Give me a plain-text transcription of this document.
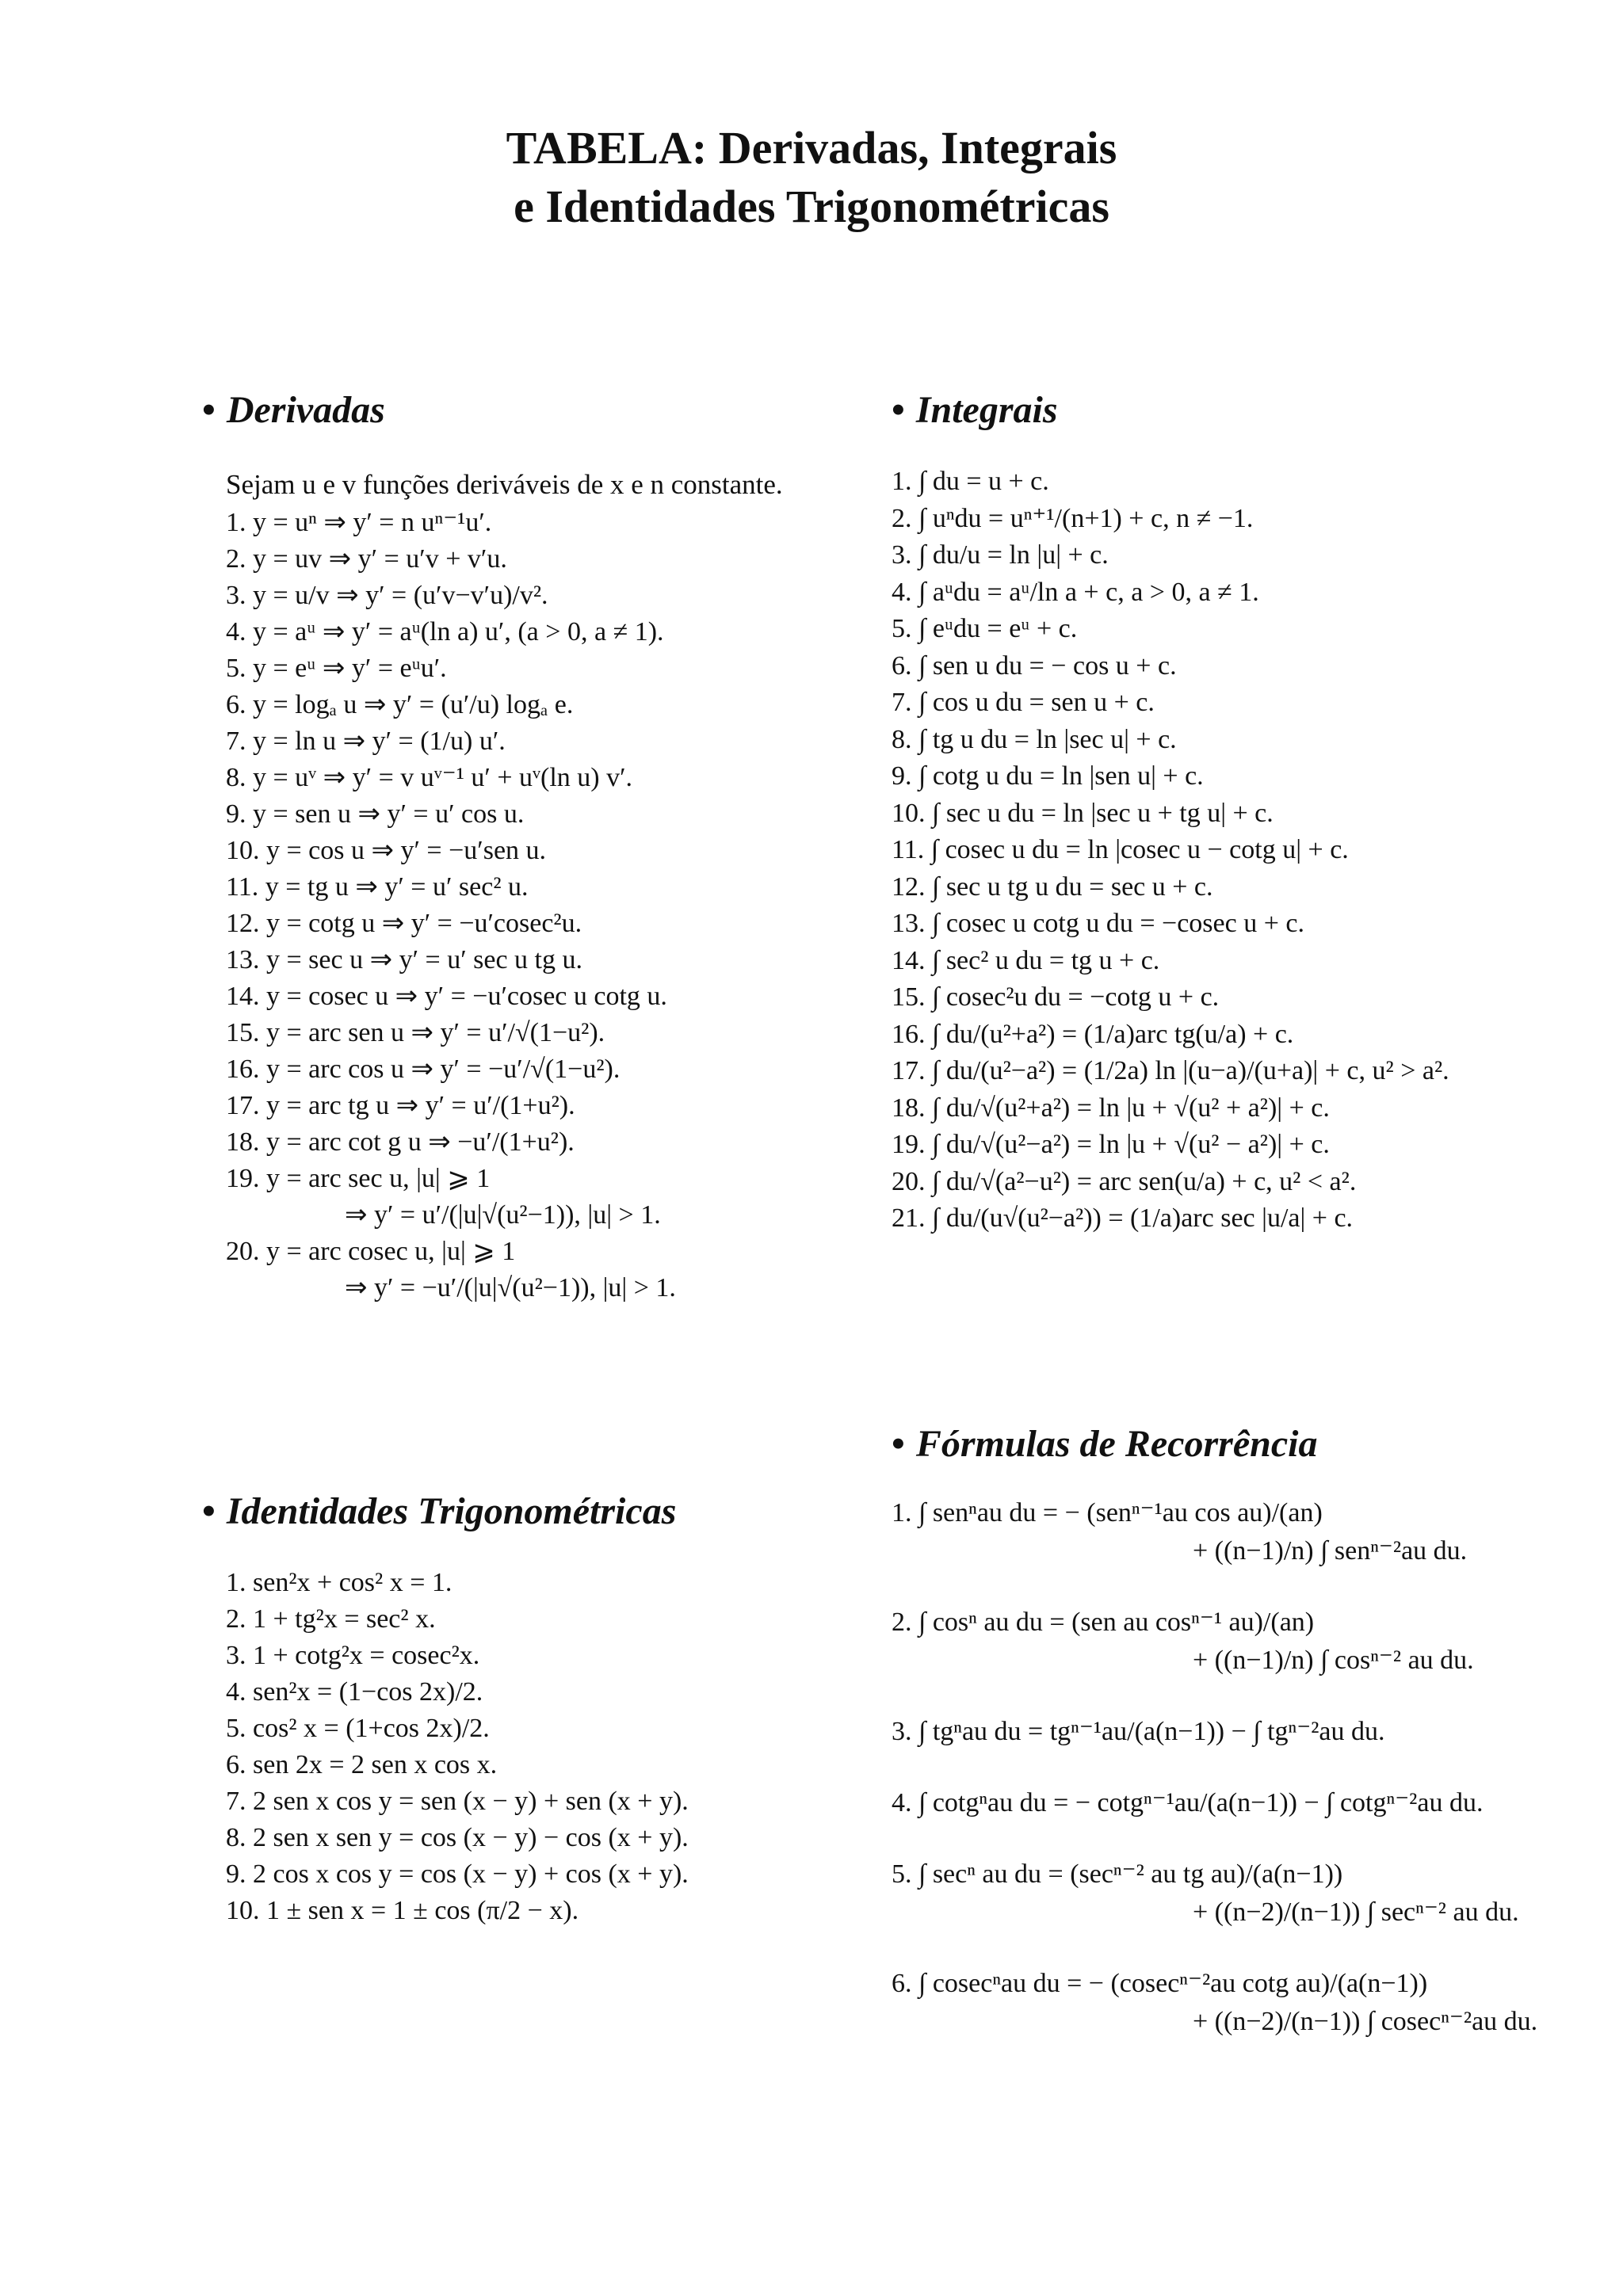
TABELA: Derivadas, Integrais
e Identidades Trigonométricas
• Derivadas
Sejam u e v funções deriváveis de x e n constante.
1. y = uⁿ ⇒ y′ = n uⁿ⁻¹u′.
2. y = uv ⇒ y′ = u′v + v′u.
3. y = u/v ⇒ y′ = (u′v−v′u)/v².
4. y = aᵘ ⇒ y′ = aᵘ(ln a) u′, (a > 0, a ≠ 1).
5. y = eᵘ ⇒ y′ = eᵘu′.
6. y = logₐ u ⇒ y′ = (u′/u) logₐ e.
7. y = ln u ⇒ y′ = (1/u) u′.
8. y = uᵛ ⇒ y′ = v uᵛ⁻¹ u′ + uᵛ(ln u) v′.
9. y = sen u ⇒ y′ = u′ cos u.
10. y = cos u ⇒ y′ = −u′sen u.
11. y = tg u ⇒ y′ = u′ sec² u.
12. y = cotg u ⇒ y′ = −u′cosec²u.
13. y = sec u ⇒ y′ = u′ sec u tg u.
14. y = cosec u ⇒ y′ = −u′cosec u cotg u.
15. y = arc sen u ⇒ y′ = u′/√(1−u²).
16. y = arc cos u ⇒ y′ = −u′/√(1−u²).
17. y = arc tg u ⇒ y′ = u′/(1+u²).
18. y = arc cot g u ⇒ −u′/(1+u²).
19. y = arc sec u, |u| ⩾ 1
⇒ y′ = u′/(|u|√(u²−1)), |u| > 1.
20. y = arc cosec u, |u| ⩾ 1
⇒ y′ = −u′/(|u|√(u²−1)), |u| > 1.
• Identidades Trigonométricas
1. sen²x + cos² x = 1.
2. 1 + tg²x = sec² x.
3. 1 + cotg²x = cosec²x.
4. sen²x = (1−cos 2x)/2.
5. cos² x = (1+cos 2x)/2.
6. sen 2x = 2 sen x cos x.
7. 2 sen x cos y = sen (x − y) + sen (x + y).
8. 2 sen x sen y = cos (x − y) − cos (x + y).
9. 2 cos x cos y = cos (x − y) + cos (x + y).
10. 1 ± sen x = 1 ± cos (π/2 − x).
• Integrais
1. ∫ du = u + c.
2. ∫ uⁿdu = uⁿ⁺¹/(n+1) + c, n ≠ −1.
3. ∫ du/u = ln |u| + c.
4. ∫ aᵘdu = aᵘ/ln a + c, a > 0, a ≠ 1.
5. ∫ eᵘdu = eᵘ + c.
6. ∫ sen u du = − cos u + c.
7. ∫ cos u du = sen u + c.
8. ∫ tg u du = ln |sec u| + c.
9. ∫ cotg u du = ln |sen u| + c.
10. ∫ sec u du = ln |sec u + tg u| + c.
11. ∫ cosec u du = ln |cosec u − cotg u| + c.
12. ∫ sec u tg u du = sec u + c.
13. ∫ cosec u cotg u du = −cosec u + c.
14. ∫ sec² u du = tg u + c.
15. ∫ cosec²u du = −cotg u + c.
16. ∫ du/(u²+a²) = (1/a)arc tg(u/a) + c.
17. ∫ du/(u²−a²) = (1/2a) ln |(u−a)/(u+a)| + c, u² > a².
18. ∫ du/√(u²+a²) = ln |u + √(u² + a²)| + c.
19. ∫ du/√(u²−a²) = ln |u + √(u² − a²)| + c.
20. ∫ du/√(a²−u²) = arc sen(u/a) + c, u² < a².
21. ∫ du/(u√(u²−a²)) = (1/a)arc sec |u/a| + c.
• Fórmulas de Recorrência
1. ∫ senⁿau du = − (senⁿ⁻¹au cos au)/(an)
+ ((n−1)/n) ∫ senⁿ⁻²au du.
2. ∫ cosⁿ au du = (sen au cosⁿ⁻¹ au)/(an)
+ ((n−1)/n) ∫ cosⁿ⁻² au du.
3. ∫ tgⁿau du = tgⁿ⁻¹au/(a(n−1)) − ∫ tgⁿ⁻²au du.
4. ∫ cotgⁿau du = − cotgⁿ⁻¹au/(a(n−1)) − ∫ cotgⁿ⁻²au du.
5. ∫ secⁿ au du = (secⁿ⁻² au tg au)/(a(n−1))
+ ((n−2)/(n−1)) ∫ secⁿ⁻² au du.
6. ∫ cosecⁿau du = − (cosecⁿ⁻²au cotg au)/(a(n−1))
+ ((n−2)/(n−1)) ∫ cosecⁿ⁻²au du.
